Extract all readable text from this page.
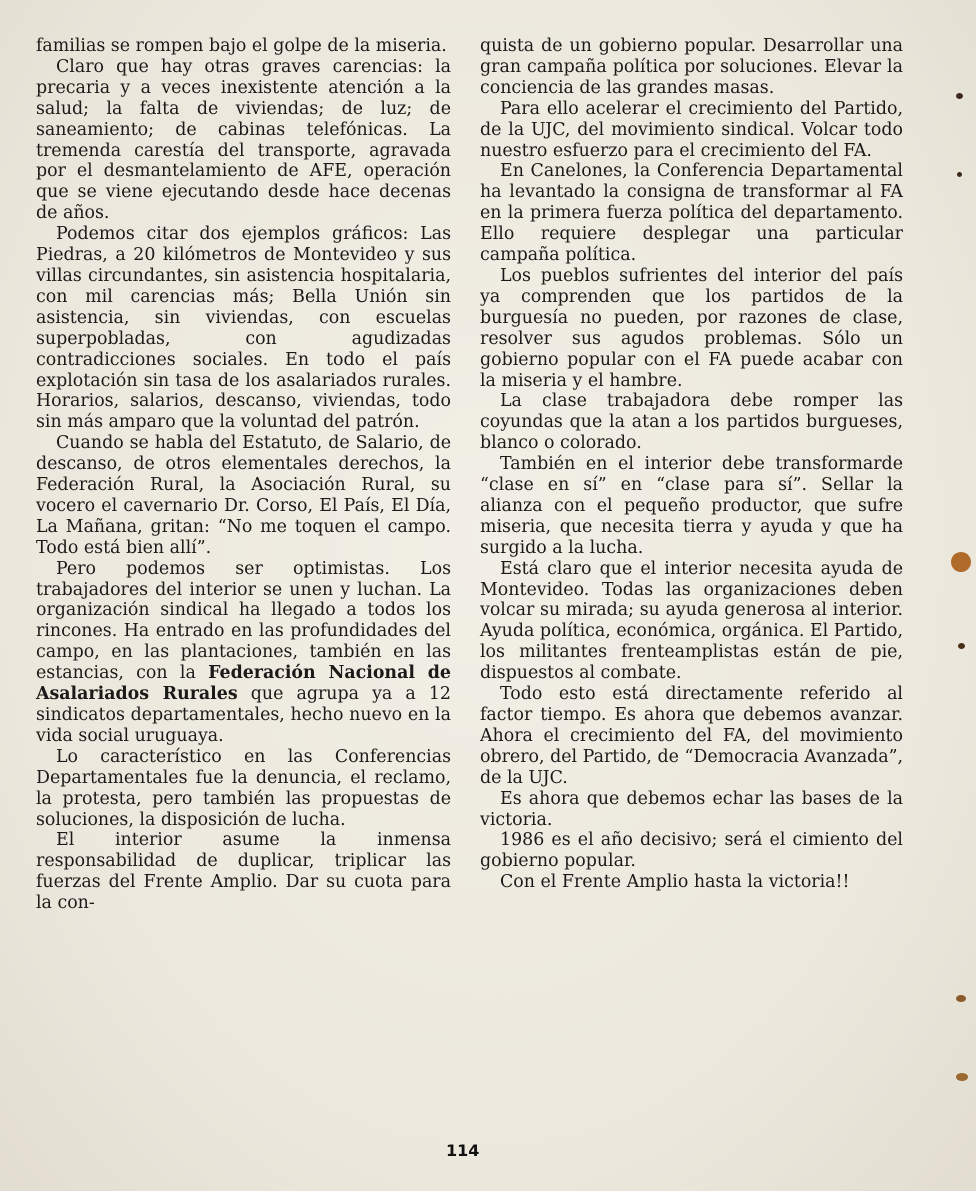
familias se rompen bajo el golpe de la miseria.

Claro que hay otras graves carencias: la precaria y a veces inexistente atención a la salud; la falta de viviendas; de luz; de saneamiento; de cabinas telefónicas. La tremenda carestía del transporte, agravada por el desmantelamiento de AFE, operación que se viene ejecutando desde hace decenas de años.

Podemos citar dos ejemplos gráficos: Las Piedras, a 20 kilómetros de Montevideo y sus villas circundantes, sin asistencia hospitalaria, con mil carencias más; Bella Unión sin asistencia, sin viviendas, con escuelas superpobladas, con agudizadas contradicciones sociales. En todo el país explotación sin tasa de los asalariados rurales. Horarios, salarios, descanso, viviendas, todo sin más amparo que la voluntad del patrón.

Cuando se habla del Estatuto, de Salario, de descanso, de otros elementales derechos, la Federación Rural, la Asociación Rural, su vocero el cavernario Dr. Corso, El País, El Día, La Mañana, gritan: “No me toquen el campo. Todo está bien allí”.

Pero podemos ser optimistas. Los trabajadores del interior se unen y luchan. La organización sindical ha llegado a todos los rincones. Ha entrado en las profundidades del campo, en las plantaciones, también en las estancias, con la Federación Nacional de Asalariados Rurales que agrupa ya a 12 sindicatos departamentales, hecho nuevo en la vida social uruguaya.

Lo característico en las Conferencias Departamentales fue la denuncia, el reclamo, la protesta, pero también las propuestas de soluciones, la disposición de lucha.

El interior asume la inmensa responsabilidad de duplicar, triplicar las fuerzas del Frente Amplio. Dar su cuota para la con-

quista de un gobierno popular. Desarrollar una gran campaña política por soluciones. Elevar la conciencia de las grandes masas.

Para ello acelerar el crecimiento del Partido, de la UJC, del movimiento sindical. Volcar todo nuestro esfuerzo para el crecimiento del FA.

En Canelones, la Conferencia Departamental ha levantado la consigna de transformar al FA en la primera fuerza política del departamento. Ello requiere desplegar una particular campaña política.

Los pueblos sufrientes del interior del país ya comprenden que los partidos de la burguesía no pueden, por razones de clase, resolver sus agudos problemas. Sólo un gobierno popular con el FA puede acabar con la miseria y el hambre.

La clase trabajadora debe romper las coyundas que la atan a los partidos burgueses, blanco o colorado.

También en el interior debe transformarde “clase en sí” en “clase para sí”. Sellar la alianza con el pequeño productor, que sufre miseria, que necesita tierra y ayuda y que ha surgido a la lucha.

Está claro que el interior necesita ayuda de Montevideo. Todas las organizaciones deben volcar su mirada; su ayuda generosa al interior. Ayuda política, económica, orgánica. El Partido, los militantes frenteamplistas están de pie, dispuestos al combate.

Todo esto está directamente referido al factor tiempo. Es ahora que debemos avanzar. Ahora el crecimiento del FA, del movimiento obrero, del Partido, de “Democracia Avanzada”, de la UJC.

Es ahora que debemos echar las bases de la victoria.

1986 es el año decisivo; será el cimiento del gobierno popular.

Con el Frente Amplio hasta la victoria!!

114
